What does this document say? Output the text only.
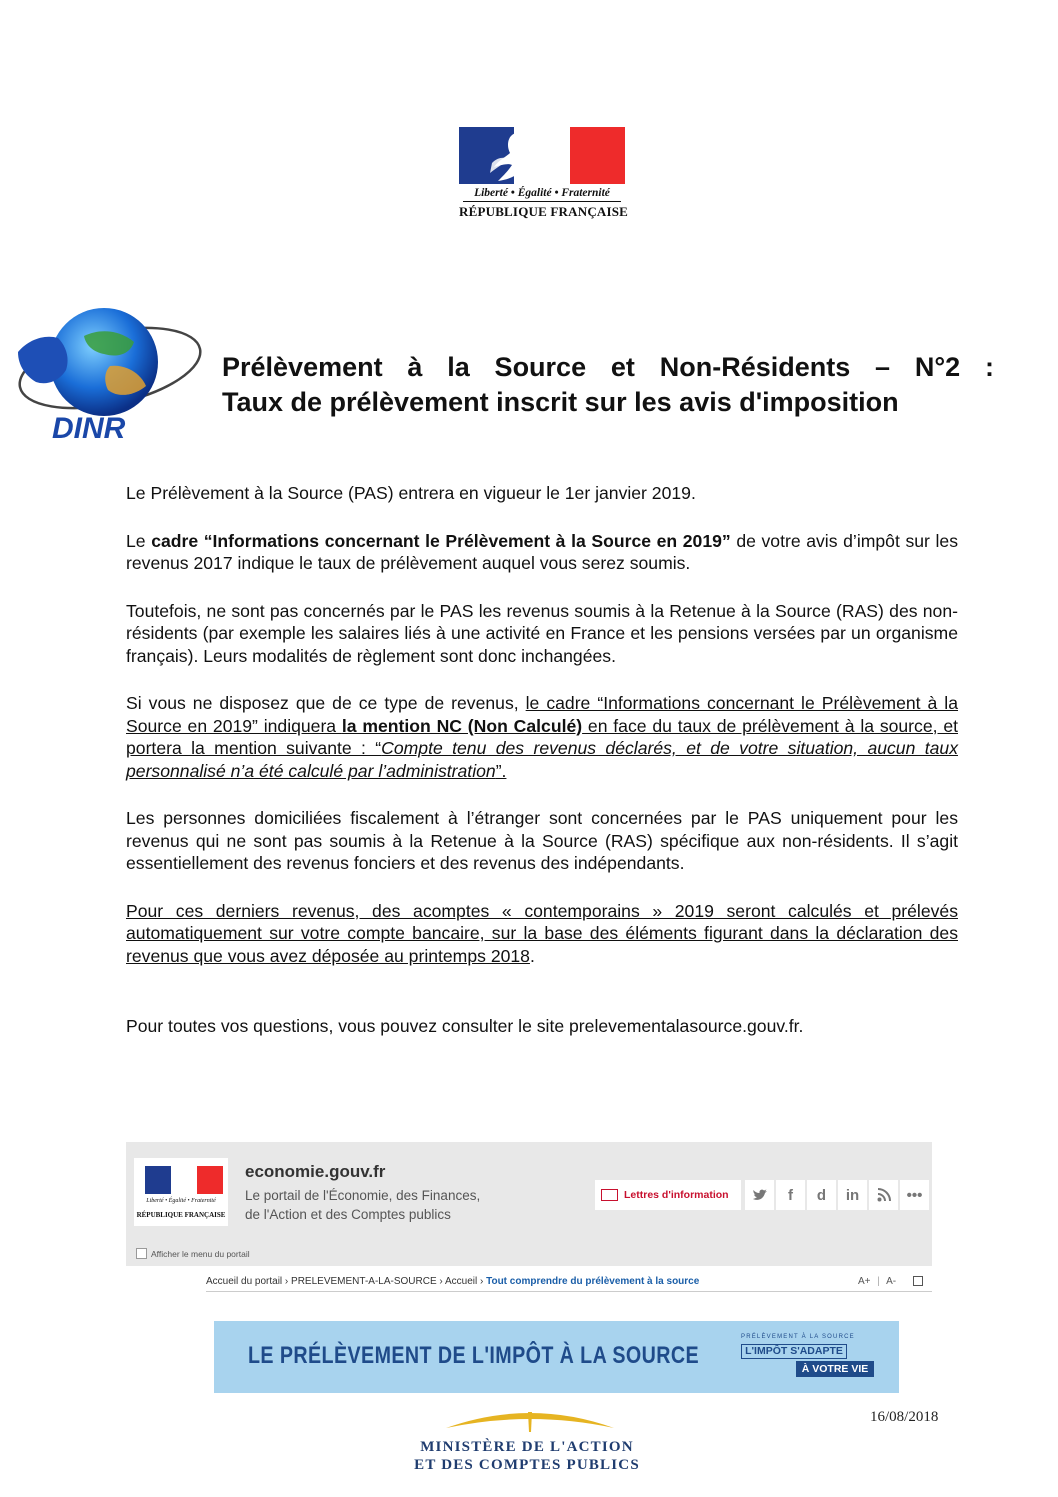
Liberté • Égalité • Fraternité
RÉPUBLIQUE FRANÇAISE
DINR
Prélèvement à la Source et Non-Résidents – N°2 :
Taux de prélèvement inscrit sur les avis d'imposition

Le Prélèvement à la Source (PAS) entrera en vigueur le 1er janvier 2019.

Le cadre “Informations concernant le Prélèvement à la Source en 2019” de votre avis d’impôt sur les revenus 2017 indique le taux de prélèvement auquel vous serez soumis.

Toutefois, ne sont pas concernés par le PAS les revenus soumis à la Retenue à la Source (RAS) des non-résidents (par exemple les salaires liés à une activité en France et les pensions versées par un organisme français). Leurs modalités de règlement sont donc inchangées.

Si vous ne disposez que de ce type de revenus, le cadre “Informations concernant le Prélèvement à la Source en 2019” indiquera la mention NC (Non Calculé) en face du taux de prélèvement à la source, et portera la mention suivante : “Compte tenu des revenus déclarés, et de votre situation, aucun taux personnalisé n’a été calculé par l’administration”.

Les personnes domiciliées fiscalement à l’étranger sont concernées par le PAS uniquement pour les revenus qui ne sont pas soumis à la Retenue à la Source (RAS) spécifique aux non-résidents. Il s’agit essentiellement des revenus fonciers et des revenus des indépendants.

Pour ces derniers revenus, des acomptes « contemporains » 2019 seront calculés et prélevés automatiquement sur votre compte bancaire, sur la base des éléments figurant dans la déclaration des revenus que vous avez déposée au printemps 2018.

Pour toutes vos questions, vous pouvez consulter le site prelevementalasource.gouv.fr.

Liberté • Égalité • Fraternité
RÉPUBLIQUE FRANÇAISE
economie.gouv.fr
Le portail de l'Économie, des Finances,
de l'Action et des Comptes publics
Afficher le menu du portail
Lettres d'information	f	d	in	•••
Accueil du portail › PRELEVEMENT-A-LA-SOURCE › Accueil › Tout comprendre du prélèvement à la source	A+ | A-
LE PRÉLÈVEMENT DE L'IMPÔT À LA SOURCE
PRÉLÈVEMENT À LA SOURCE
L'IMPÔT S'ADAPTE
À VOTRE VIE
16/08/2018
MINISTÈRE DE L'ACTION
ET DES COMPTES PUBLICS
